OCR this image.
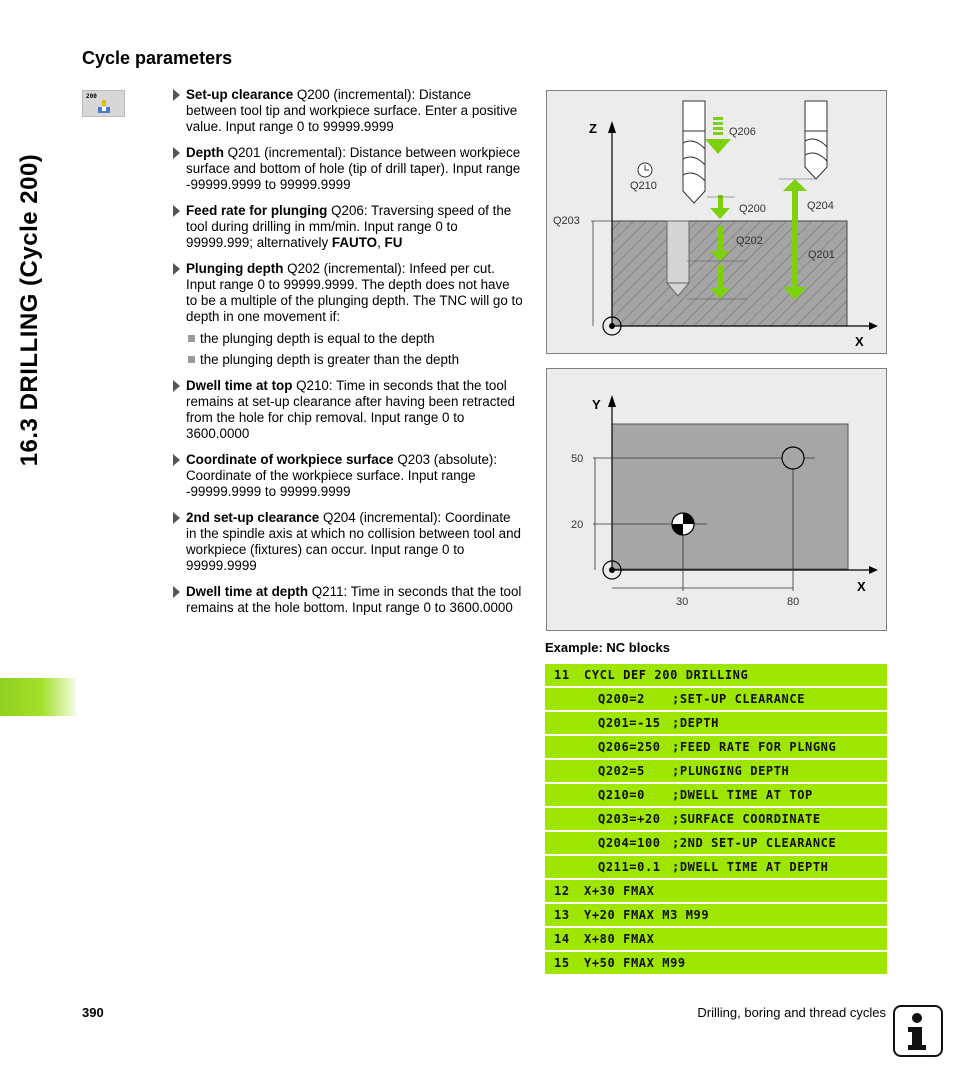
16.3 DRILLING (Cycle 200)
Cycle parameters
200	Set-up clearance Q200 (incremental): Distance between tool tip and workpiece surface. Enter a positive value. Input range 0 to 99999.9999
Depth Q201 (incremental): Distance between workpiece surface and bottom of hole (tip of drill taper). Input range -99999.9999 to 99999.9999
Feed rate for plunging Q206: Traversing speed of the tool during drilling in mm/min. Input range 0 to 99999.999; alternatively FAUTO, FU
Plunging depth Q202 (incremental): Infeed per cut. Input range 0 to 99999.9999. The depth does not have to be a multiple of the plunging depth. The TNC will go to depth in one movement if:
the plunging depth is equal to the depth
the plunging depth is greater than the depth
Dwell time at top Q210: Time in seconds that the tool remains at set-up clearance after having been retracted from the hole for chip removal. Input range 0 to 3600.0000
Coordinate of workpiece surface Q203 (absolute): Coordinate of the workpiece surface. Input range -99999.9999 to 99999.9999
2nd set-up clearance Q204 (incremental): Coordinate in the spindle axis at which no collision between tool and workpiece (fixtures) can occur. Input range 0 to 99999.9999
Dwell time at depth Q211: Time in seconds that the tool remains at the hole bottom. Input range 0 to 3600.0000
Z
X
Q206
Q210
Q200	Q204
Q203
Q202
Q201
Y
X
50
20
30	80
Example: NC blocks
11 CYCL DEF 200 DRILLING
Q200=2 ;SET-UP CLEARANCE
Q201=-15 ;DEPTH
Q206=250 ;FEED RATE FOR PLNGNG
Q202=5 ;PLUNGING DEPTH
Q210=0 ;DWELL TIME AT TOP
Q203=+20 ;SURFACE COORDINATE
Q204=100 ;2ND SET-UP CLEARANCE
Q211=0.1 ;DWELL TIME AT DEPTH
12 X+30 FMAX
13 Y+20 FMAX M3 M99
14 X+80 FMAX
15 Y+50 FMAX M99
390	Drilling, boring and thread cycles
